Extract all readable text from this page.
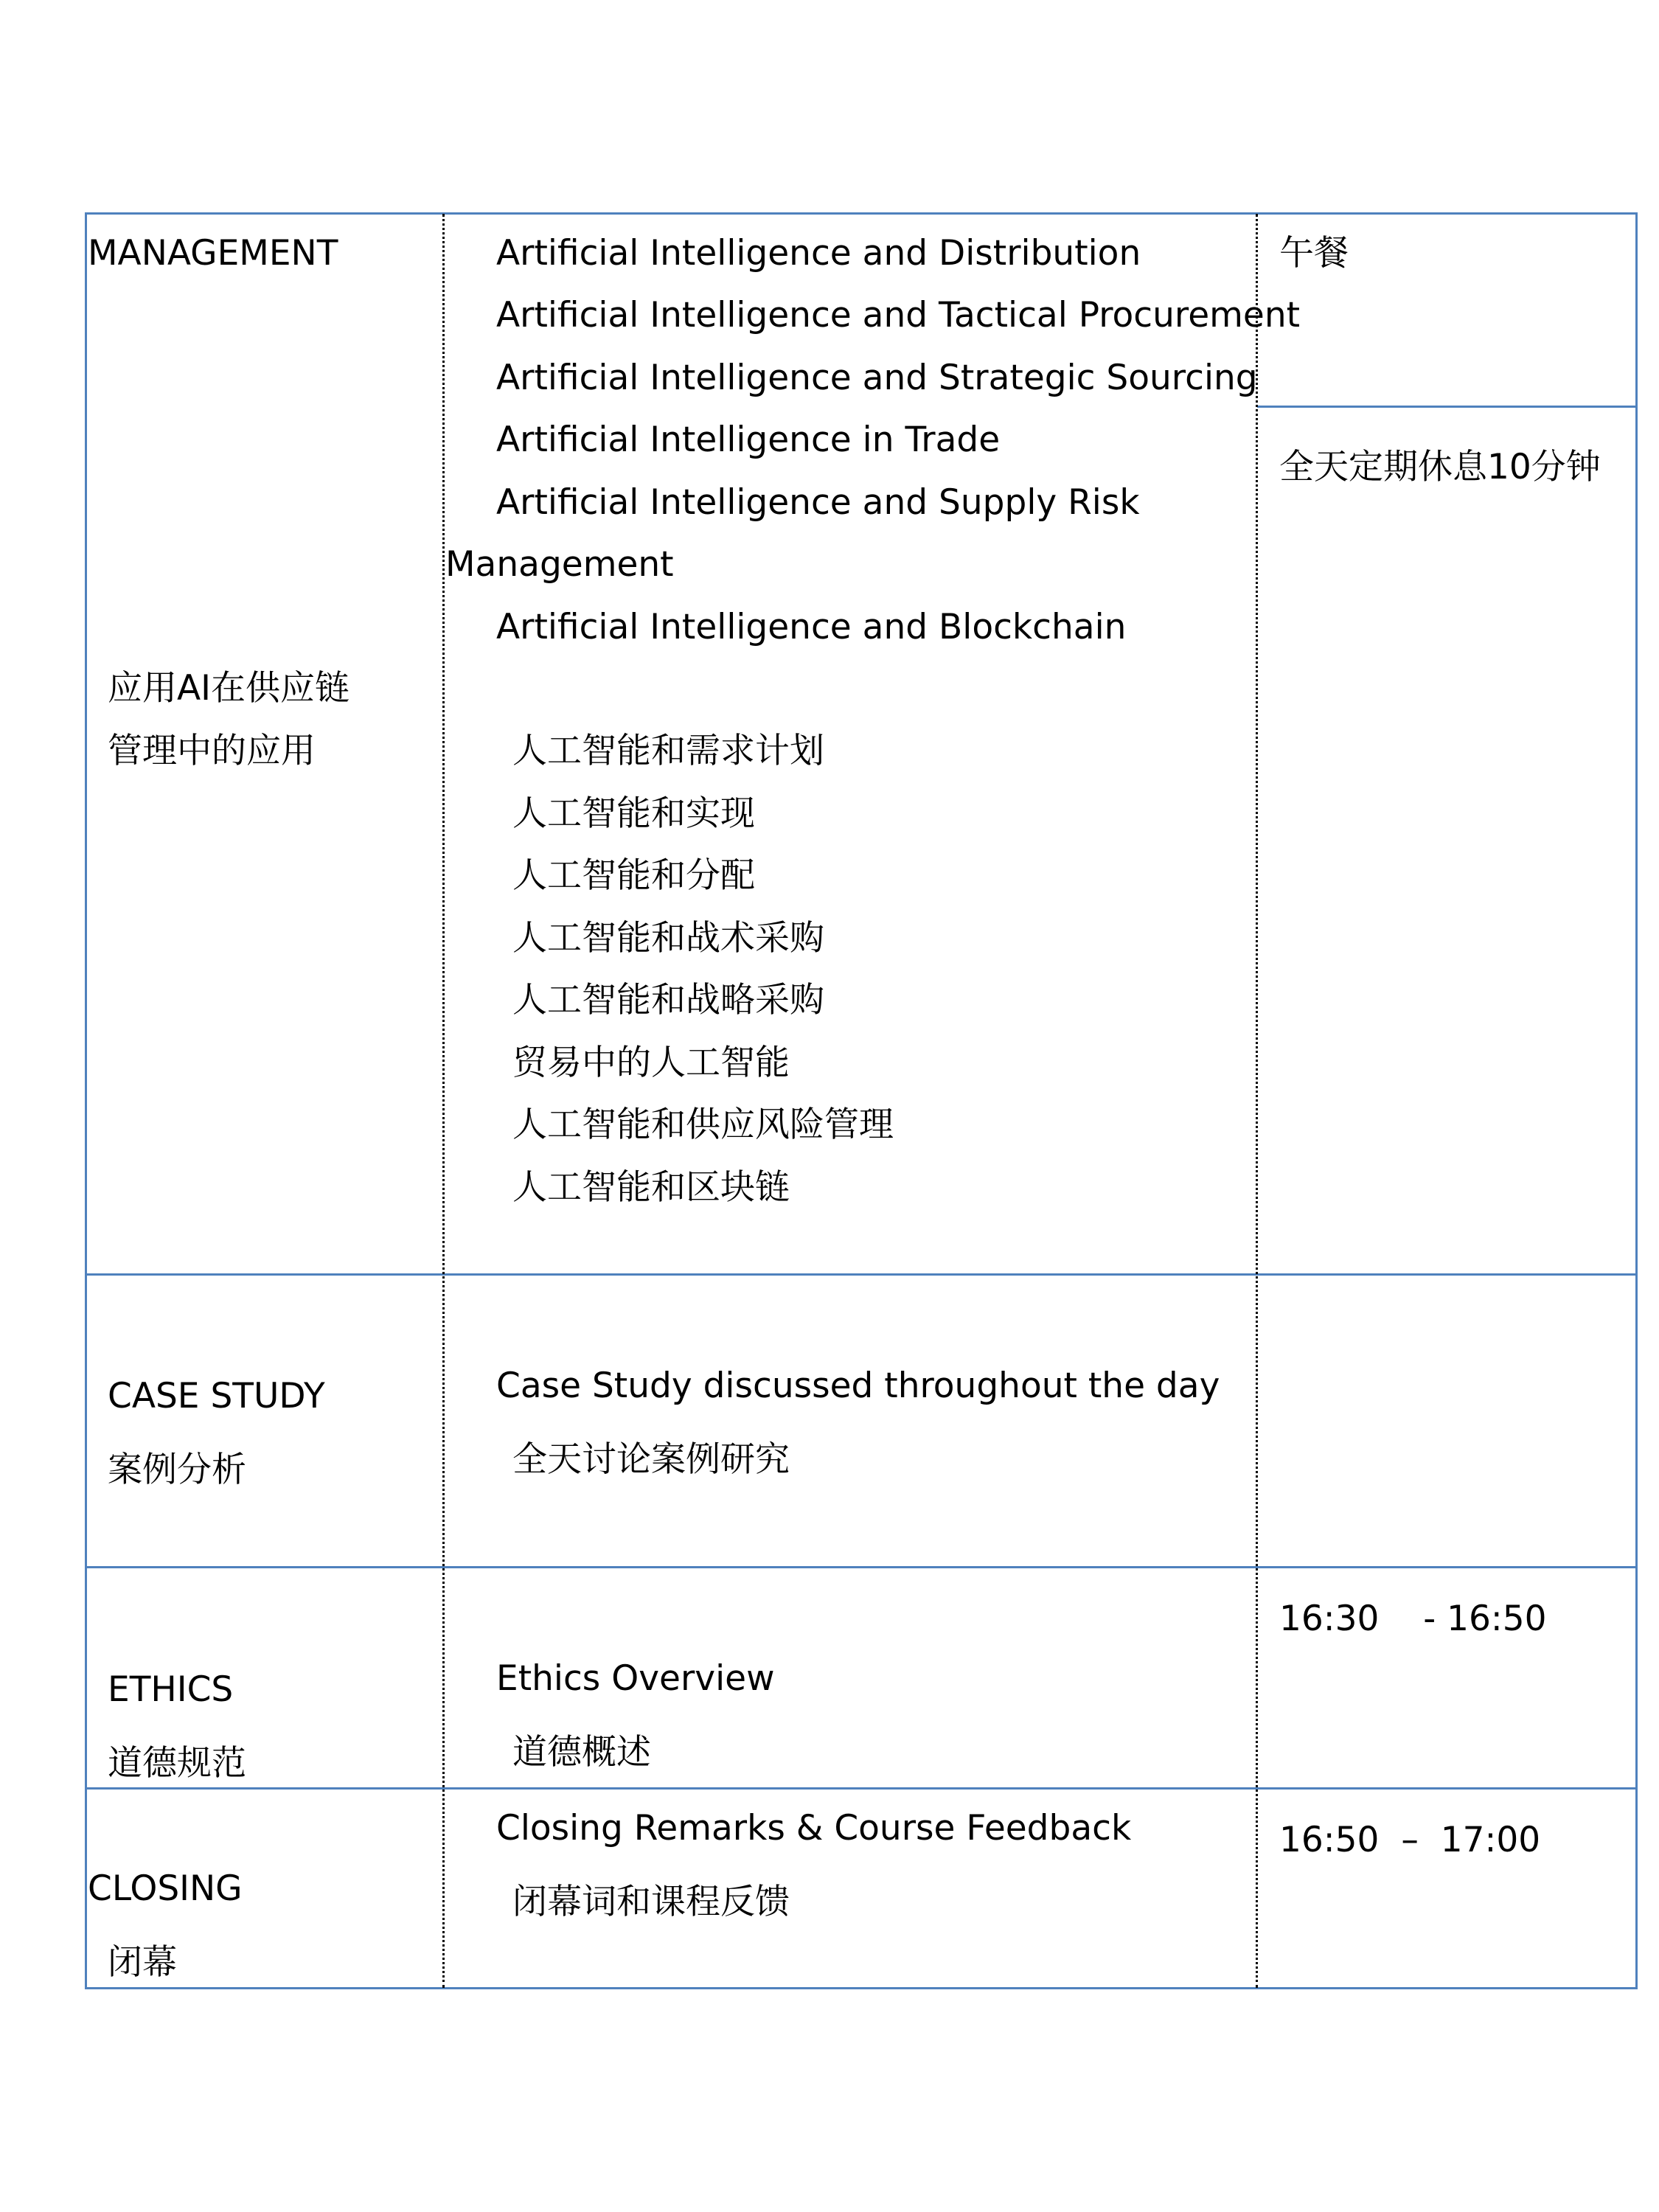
MANAGEMENT
应用AI在供应链
管理中的应用
Artificial Intelligence and Distribution
Artificial Intelligence and Tactical Procurement
Artificial Intelligence and Strategic Sourcing
Artificial Intelligence in Trade
Artificial Intelligence and Supply Risk
Management
Artificial Intelligence and Blockchain
人工智能和需求计划
人工智能和实现
人工智能和分配
人工智能和战术采购
人工智能和战略采购
贸易中的人工智能
人工智能和供应风险管理
人工智能和区块链
午餐
全天定期休息10分钟
CASE STUDY
案例分析
Case Study discussed throughout the day
全天讨论案例研究
ETHICS
道德规范
Ethics Overview
道德概述
16:30    - 16:50
CLOSING
闭幕
Closing Remarks & Course Feedback
闭幕词和课程反馈
16:50  –  17:00
